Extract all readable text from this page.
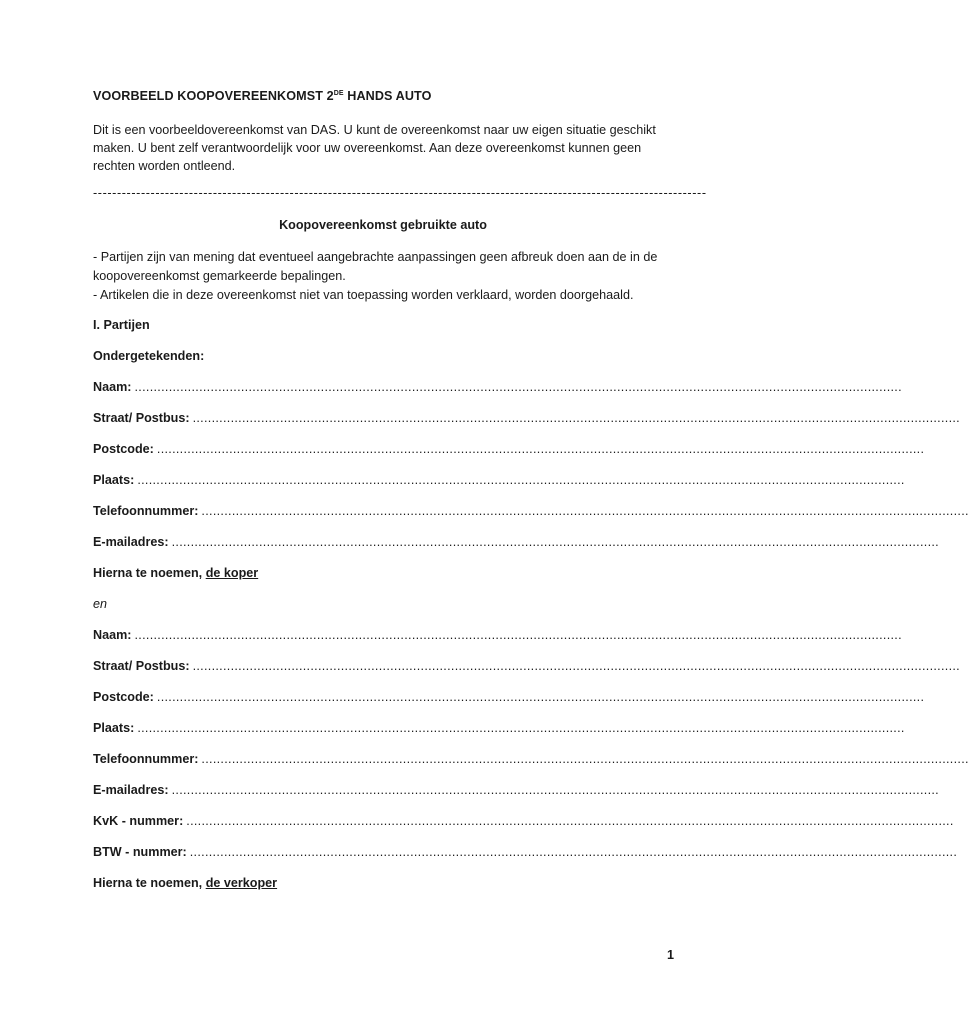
VOORBEELD KOOPOVEREENKOMST 2DE HANDS AUTO
Dit is een voorbeeldovereenkomst van DAS. U kunt de overeenkomst naar uw eigen situatie geschikt maken. U bent zelf verantwoordelijk voor uw overeenkomst. Aan deze overeenkomst kunnen geen rechten worden ontleend.
--------------------------------------------------------------------------------------------------------------------------------
Koopovereenkomst gebruikte auto
- Partijen zijn van mening dat eventueel aangebrachte aanpassingen geen afbreuk doen aan de in de koopovereenkomst gemarkeerde bepalingen.
- Artikelen die in deze overeenkomst niet van toepassing worden verklaard, worden doorgehaald.
I. Partijen
Ondergetekenden:
Naam: ..........................................................................................................................................................................................................
Straat/ Postbus: ..........................................................................................................................................................................................................
Postcode: ..........................................................................................................................................................................................................
Plaats: ..........................................................................................................................................................................................................
Telefoonnummer: ..........................................................................................................................................................................................................
E-mailadres: ..........................................................................................................................................................................................................
Hierna te noemen, de koper
en
Naam: ..........................................................................................................................................................................................................
Straat/ Postbus: ..........................................................................................................................................................................................................
Postcode: ..........................................................................................................................................................................................................
Plaats: ..........................................................................................................................................................................................................
Telefoonnummer: ..........................................................................................................................................................................................................
E-mailadres: ..........................................................................................................................................................................................................
KvK - nummer: ..........................................................................................................................................................................................................
BTW - nummer: ..........................................................................................................................................................................................................
Hierna te noemen, de verkoper
1
